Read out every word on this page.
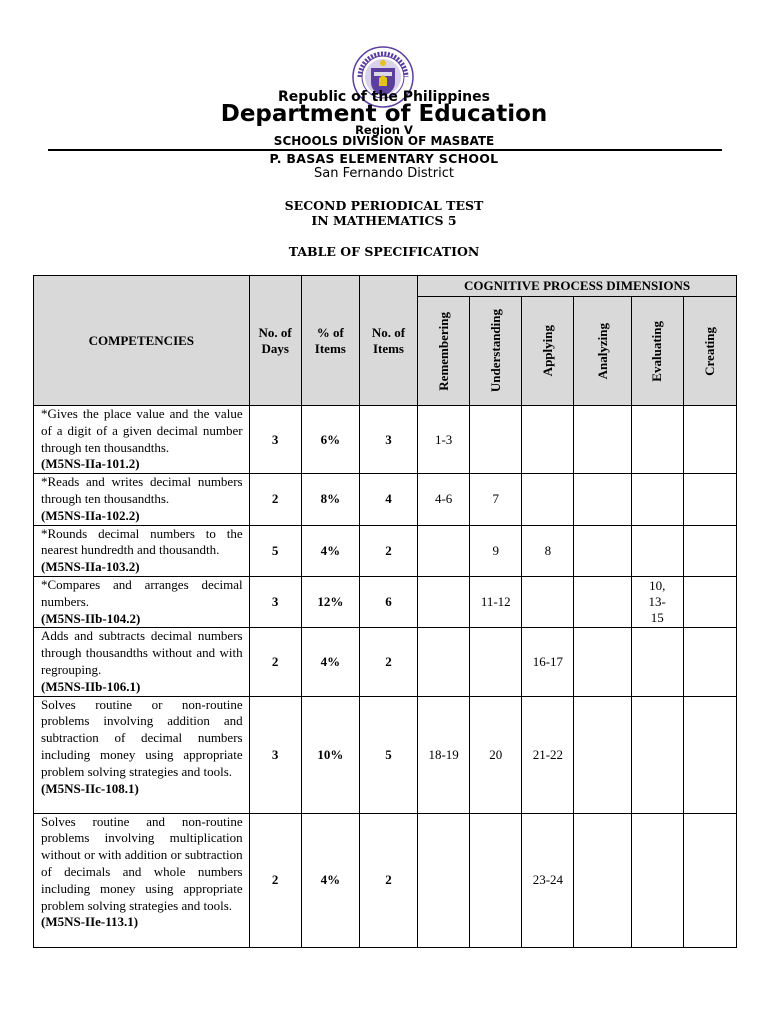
Republic of the Philippines
Department of Education
Region V
SCHOOLS DIVISION OF MASBATE
P. BASAS ELEMENTARY SCHOOL
San Fernando District
SECOND PERIODICAL TEST
IN MATHEMATICS 5
TABLE OF SPECIFICATION
COMPETENCIES	No. of Days	% of Items	No. of Items	COGNITIVE PROCESS DIMENSIONS					

				Remembering	Understanding	Applying	Analyzing	Evaluating	Creating

*Gives the place value and the value of a digit of a given decimal number through ten thousandths.
(M5NS-IIa-101.2)	3	6%	3	1-3					

*Reads and writes decimal numbers through ten thousandths.
(M5NS-IIa-102.2)	2	8%	4	4-6	7				

*Rounds decimal numbers to the nearest hundredth and thousandth.
(M5NS-IIa-103.2)	5	4%	2		9	8			

*Compares and arranges decimal numbers.
(M5NS-IIb-104.2)	3	12%	6		11-12			10, 13-15	

Adds and subtracts decimal numbers through thousandths without and with regrouping.
(M5NS-IIb-106.1)	2	4%	2			16-17			

Solves routine or non-routine problems involving addition and subtraction of decimal numbers including money using appropriate problem solving strategies and tools.
(M5NS-IIc-108.1)	3	10%	5	18-19	20	21-22			

Solves routine and non-routine problems involving multiplication without or with addition or subtraction of decimals and whole numbers including money using appropriate problem solving strategies and tools.
(M5NS-IIe-113.1)	2	4%	2			23-24			
